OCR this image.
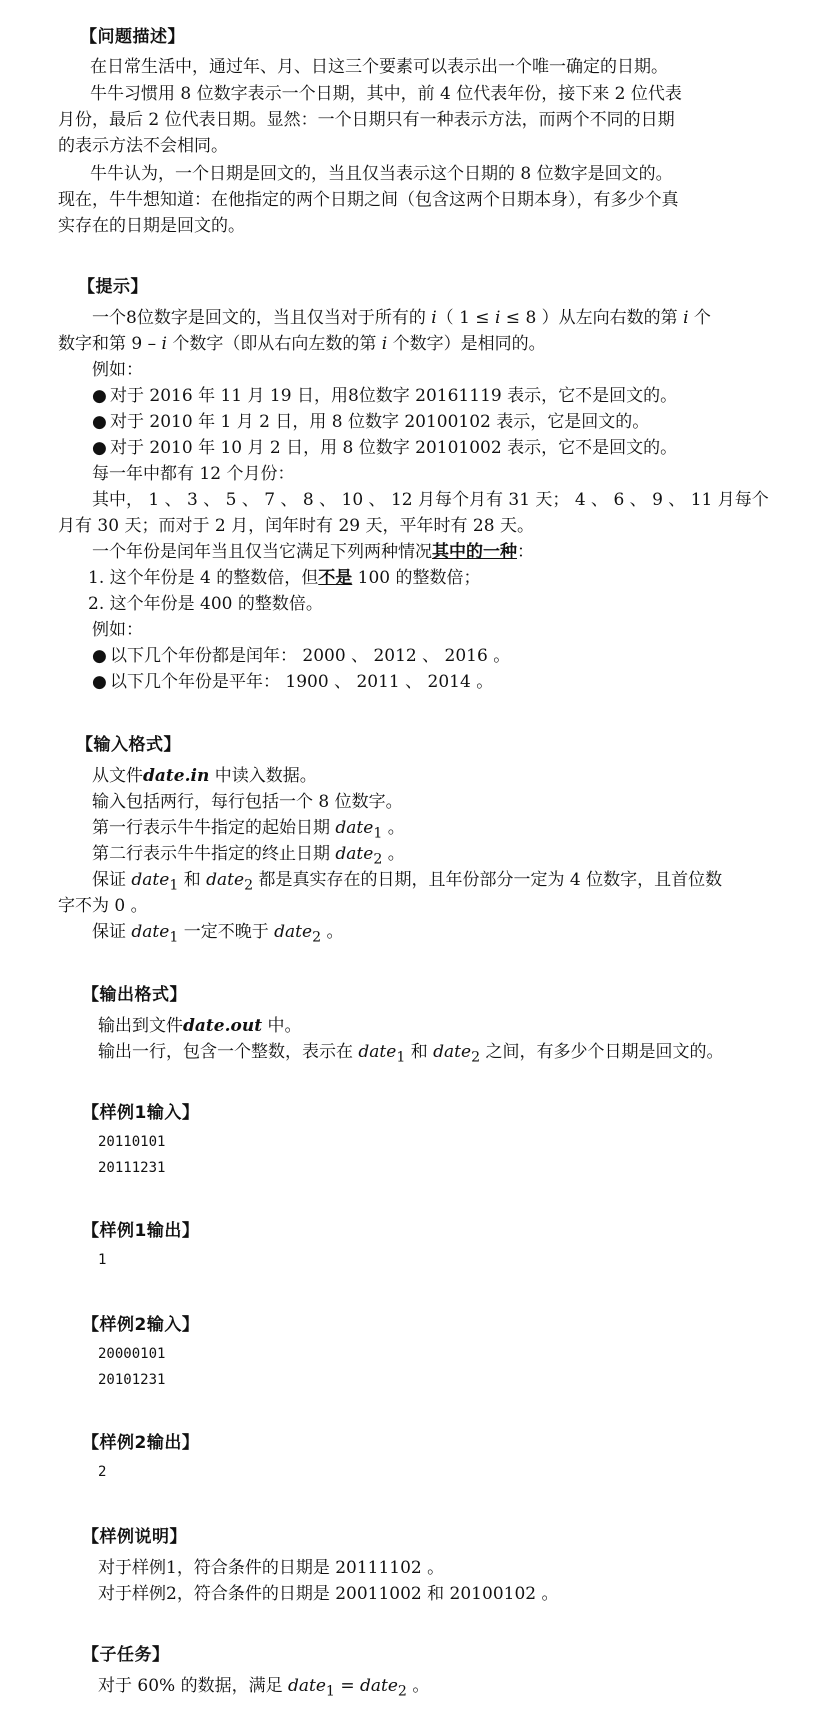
【问题描述】
在日常生活中，通过年、月、日这三个要素可以表示出一个唯一确定的日期。
牛牛习惯用 8 位数字表示一个日期，其中，前 4 位代表年份，接下来 2 位代表月份，最后 2 位代表日期。显然：一个日期只有一种表示方法，而两个不同的日期的表示方法不会相同。
牛牛认为，一个日期是回文的，当且仅当表示这个日期的 8 位数字是回文的。现在，牛牛想知道：在他指定的两个日期之间（包含这两个日期本身），有多少个真实存在的日期是回文的。
【提示】
一个8位数字是回文的，当且仅当对于所有的 i（ 1 ≤ i ≤ 8 ）从左向右数的第 i 个
数字和第 9 – i 个数字（即从右向左数的第 i 个数字）是相同的。
例如：
● 对于 2016 年 11 月 19 日，用8位数字 20161119 表示，它不是回文的。
● 对于 2010 年 1 月 2 日，用 8 位数字 20100102 表示，它是回文的。
● 对于 2010 年 10 月 2 日，用 8 位数字 20101002 表示，它不是回文的。
每一年中都有 12 个月份：
其中， 1 、 3 、 5 、 7 、 8 、 10 、 12 月每个月有 31 天； 4 、 6 、 9 、 11 月每个
月有 30 天；而对于 2 月，闰年时有 29 天，平年时有 28 天。
一个年份是闰年当且仅当它满足下列两种情况其中的一种：
1. 这个年份是 4 的整数倍，但不是 100 的整数倍；
2. 这个年份是 400 的整数倍。
例如：
● 以下几个年份都是闰年： 2000 、 2012 、 2016 。
● 以下几个年份是平年： 1900 、 2011 、 2014 。
【输入格式】
从文件date.in 中读入数据。
输入包括两行，每行包括一个 8 位数字。
第一行表示牛牛指定的起始日期 date$_1$ 。
第二行表示牛牛指定的终止日期 date$_2$ 。
保证 date$_1$ 和 date$_2$ 都是真实存在的日期，且年份部分一定为 4 位数字，且首位数
字不为 0 。
保证 date$_1$ 一定不晚于 date$_2$ 。
【输出格式】
输出到文件date.out 中。
输出一行，包含一个整数，表示在 date$_1$ 和 date$_2$ 之间，有多少个日期是回文的。
【样例1输入】
20110101
20111231
【样例1输出】
1
【样例2输入】
20000101
20101231
【样例2输出】
2
【样例说明】
对于样例1，符合条件的日期是 20111102 。
对于样例2，符合条件的日期是 20011002 和 20100102 。
【子任务】
对于 60% 的数据，满足 date$_1$ = date$_2$ 。
